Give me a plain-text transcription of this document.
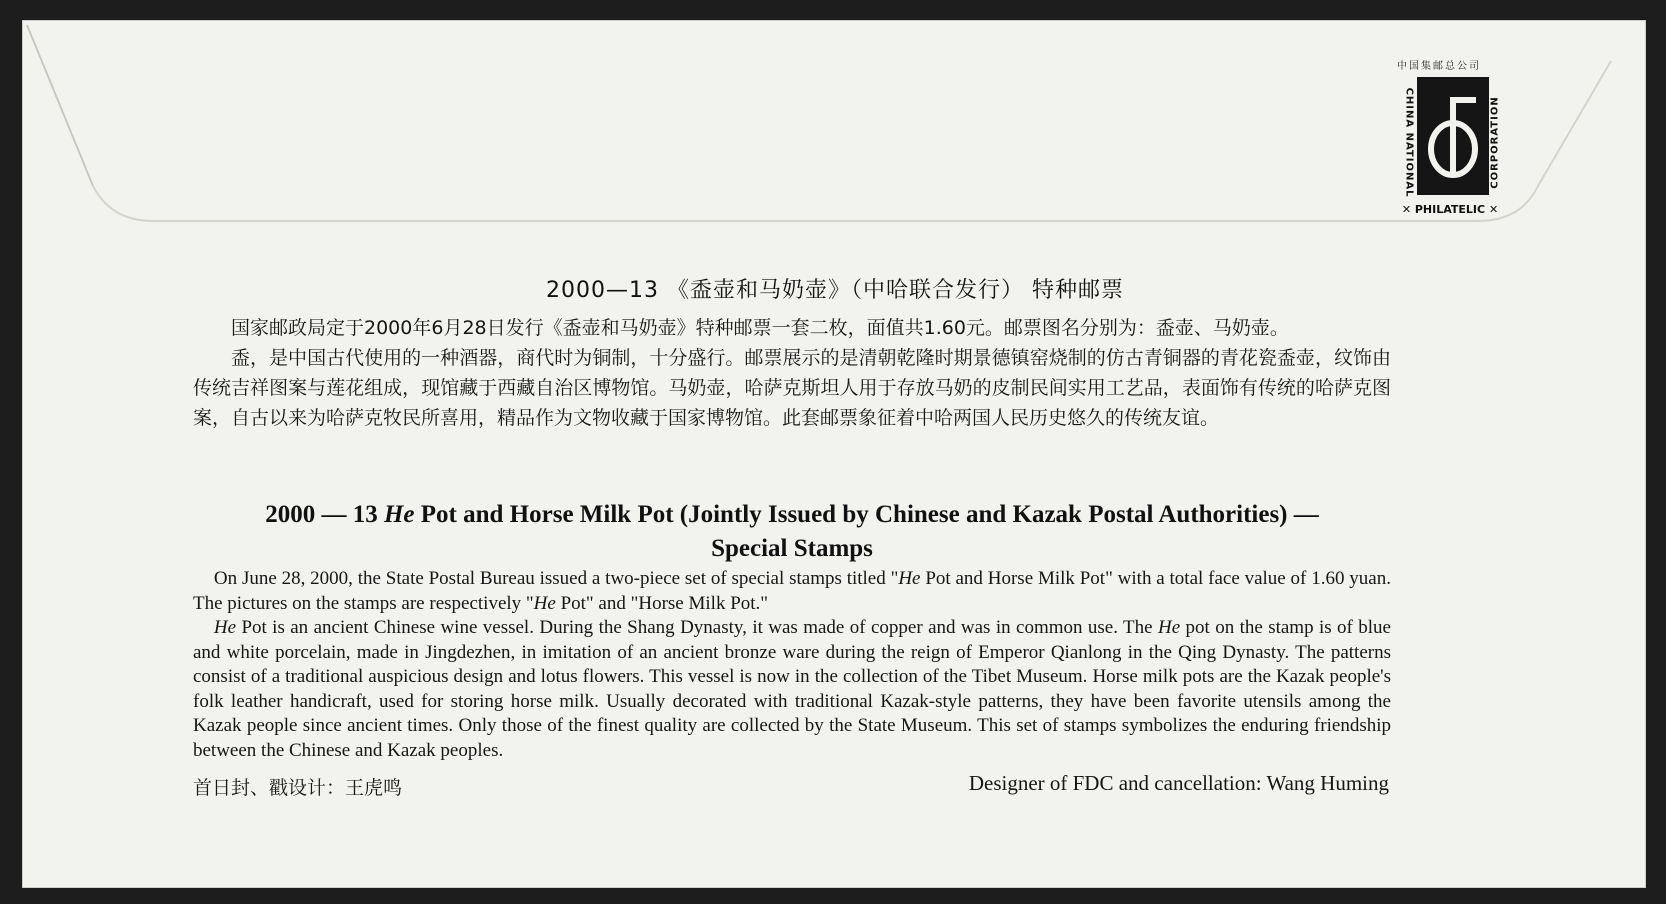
中国集邮总公司
CHINA NATIONAL	CORPORATION
✕ PHILATELIC ✕
2000—13 《盉壶和马奶壶》（中哈联合发行） 特种邮票

国家邮政局定于2000年6月28日发行《盉壶和马奶壶》特种邮票一套二枚，面值共1.60元。邮票图名分别为：盉壶、马奶壶。

盉，是中国古代使用的一种酒器，商代时为铜制，十分盛行。邮票展示的是清朝乾隆时期景德镇窑烧制的仿古青铜器的青花瓷盉壶，纹饰由传统吉祥图案与莲花组成，现馆藏于西藏自治区博物馆。马奶壶，哈萨克斯坦人用于存放马奶的皮制民间实用工艺品，表面饰有传统的哈萨克图案，自古以来为哈萨克牧民所喜用，精品作为文物收藏于国家博物馆。此套邮票象征着中哈两国人民历史悠久的传统友谊。

2000 — 13 He Pot and Horse Milk Pot (Jointly Issued by Chinese and Kazak Postal Authorities) —
Special Stamps

On June 28, 2000, the State Postal Bureau issued a two-piece set of special stamps titled "He Pot and Horse Milk Pot" with a total face value of 1.60 yuan. The pictures on the stamps are respectively "He Pot" and "Horse Milk Pot."

He Pot is an ancient Chinese wine vessel. During the Shang Dynasty, it was made of copper and was in common use. The He pot on the stamp is of blue and white porcelain, made in Jingdezhen, in imitation of an ancient bronze ware during the reign of Emperor Qianlong in the Qing Dynasty. The patterns consist of a traditional auspicious design and lotus flowers. This vessel is now in the collection of the Tibet Museum. Horse milk pots are the Kazak people's folk leather handicraft, used for storing horse milk. Usually decorated with traditional Kazak-style patterns, they have been favorite utensils among the Kazak people since ancient times. Only those of the finest quality are collected by the State Museum. This set of stamps symbolizes the enduring friendship between the Chinese and Kazak peoples.

首日封、戳设计：王虎鸣	Designer of FDC and cancellation: Wang Huming
